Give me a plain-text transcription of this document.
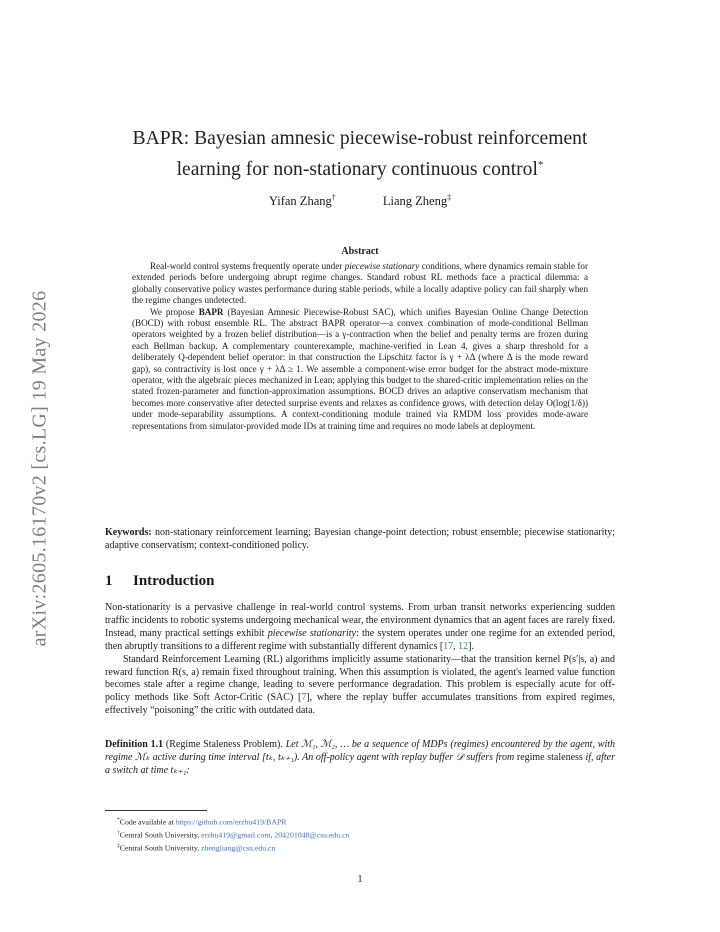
arXiv:2605.16170v2 [cs.LG] 19 May 2026
BAPR: Bayesian amnesic piecewise-robust reinforcement
learning for non-stationary continuous control*
Yifan Zhang†	Liang Zheng‡
Abstract

Real-world control systems frequently operate under piecewise stationary conditions, where dynamics remain stable for extended periods before undergoing abrupt regime changes. Standard robust RL methods face a practical dilemma: a globally conservative policy wastes performance during stable periods, while a locally adaptive policy can fail sharply when the regime changes undetected.

We propose BAPR (Bayesian Amnesic Piecewise-Robust SAC), which unifies Bayesian Online Change Detection (BOCD) with robust ensemble RL. The abstract BAPR operator—a convex combination of mode-conditional Bellman operators weighted by a frozen belief distribution—is a γ-contraction when the belief and penalty terms are frozen during each Bellman backup. A complementary counterexample, machine-verified in Lean 4, gives a sharp threshold for a deliberately Q-dependent belief operator: in that construction the Lipschitz factor is γ + λΔ (where Δ is the mode reward gap), so contractivity is lost once γ + λΔ ≥ 1. We assemble a component-wise error budget for the abstract mode-mixture operator, with the algebraic pieces mechanized in Lean; applying this budget to the shared-critic implementation relies on the stated frozen-parameter and function-approximation assumptions. BOCD drives an adaptive conservatism mechanism that becomes more conservative after detected surprise events and relaxes as confidence grows, with detection delay O(log(1/δ)) under mode-separability assumptions. A context-conditioning module trained via RMDM loss provides mode-aware representations from simulator-provided mode IDs at training time and requires no mode labels at deployment.

Keywords: non-stationary reinforcement learning; Bayesian change-point detection; robust ensemble; piecewise stationarity; adaptive conservatism; context-conditioned policy.
1 Introduction

Non-stationarity is a pervasive challenge in real-world control systems. From urban transit networks experiencing sudden traffic incidents to robotic systems undergoing mechanical wear, the environment dynamics that an agent faces are rarely fixed. Instead, many practical settings exhibit piecewise stationarity: the system operates under one regime for an extended period, then abruptly transitions to a different regime with substantially different dynamics [17, 12].

Standard Reinforcement Learning (RL) algorithms implicitly assume stationarity—that the transition kernel P(s′|s, a) and reward function R(s, a) remain fixed throughout training. When this assumption is violated, the agent's learned value function becomes stale after a regime change, leading to severe performance degradation. This problem is especially acute for off-policy methods like Soft Actor-Critic (SAC) [7], where the replay buffer accumulates transitions from expired regimes, effectively “poisoning” the critic with outdated data.

Definition 1.1 (Regime Staleness Problem). Let ℳ₁, ℳ₂, … be a sequence of MDPs (regimes) encountered by the agent, with regime ℳₖ active during time interval [tₖ, tₖ₊₁). An off-policy agent with replay buffer 𝒟 suffers from regime staleness if, after a switch at time tₖ₊₁:
*Code available at https://github.com/erzhu419/BAPR
†Central South University, erzhu419@gmail.com, 204201048@csu.edu.cn
‡Central South University, zhengliang@csu.edu.cn
1
